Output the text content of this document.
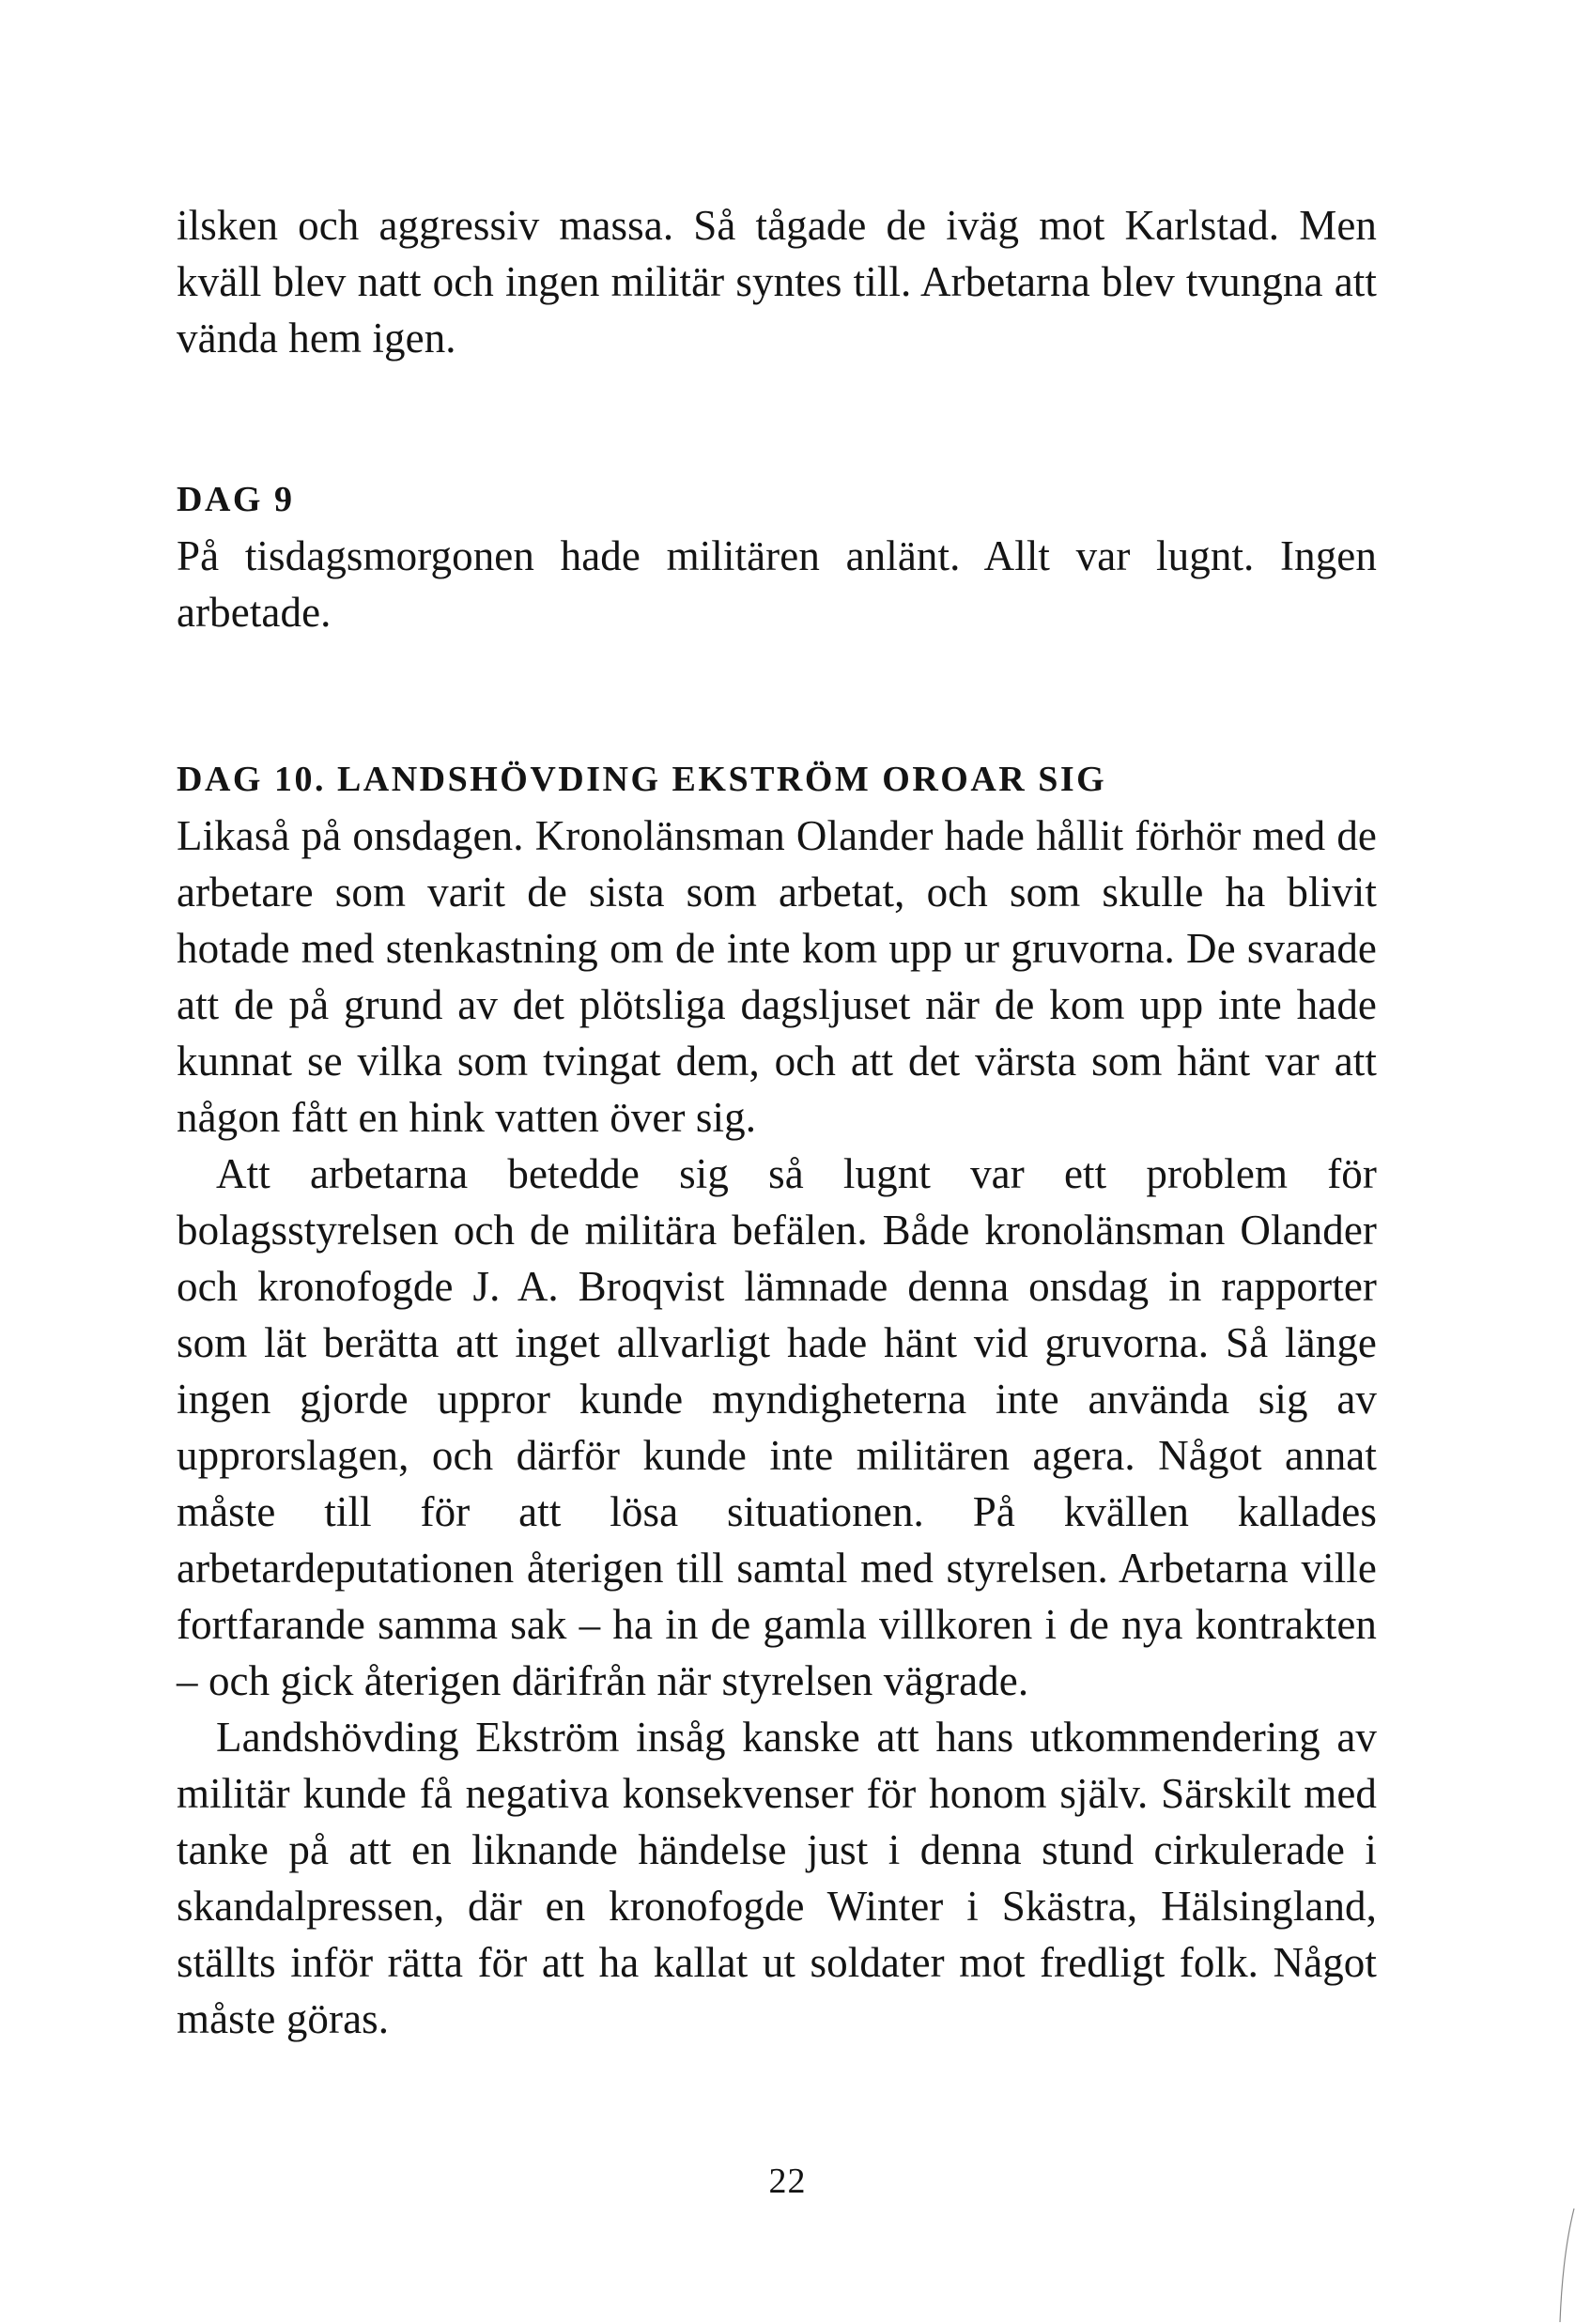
ilsken och aggressiv massa. Så tågade de iväg mot Karlstad. Men kväll blev natt och ingen militär syntes till. Arbetarna blev tvungna att vända hem igen.

DAG 9

På tisdagsmorgonen hade militären anlänt. Allt var lugnt. Ingen arbetade.

DAG 10. LANDSHÖVDING EKSTRÖM OROAR SIG

Likaså på onsdagen. Kronolänsman Olander hade hållit förhör med de arbetare som varit de sista som arbetat, och som skulle ha blivit hotade med stenkastning om de inte kom upp ur gruvorna. De svarade att de på grund av det plötsliga dagsljuset när de kom upp inte hade kunnat se vilka som tvingat dem, och att det värsta som hänt var att någon fått en hink vatten över sig.

Att arbetarna betedde sig så lugnt var ett problem för bolagsstyrelsen och de militära befälen. Både kronolänsman Olander och kronofogde J. A. Broqvist lämnade denna onsdag in rapporter som lät berätta att inget allvarligt hade hänt vid gruvorna. Så länge ingen gjorde uppror kunde myndigheterna inte använda sig av upprorslagen, och därför kunde inte militären agera. Något annat måste till för att lösa situationen. På kvällen kallades arbetardeputationen återigen till samtal med styrelsen. Arbetarna ville fortfarande samma sak – ha in de gamla villkoren i de nya kontrakten – och gick återigen därifrån när styrelsen vägrade.

Landshövding Ekström insåg kanske att hans utkommendering av militär kunde få negativa konsekvenser för honom själv. Särskilt med tanke på att en liknande händelse just i denna stund cirkulerade i skandalpressen, där en kronofogde Winter i Skästra, Hälsingland, ställts inför rätta för att ha kallat ut soldater mot fredligt folk. Något måste göras.

22
